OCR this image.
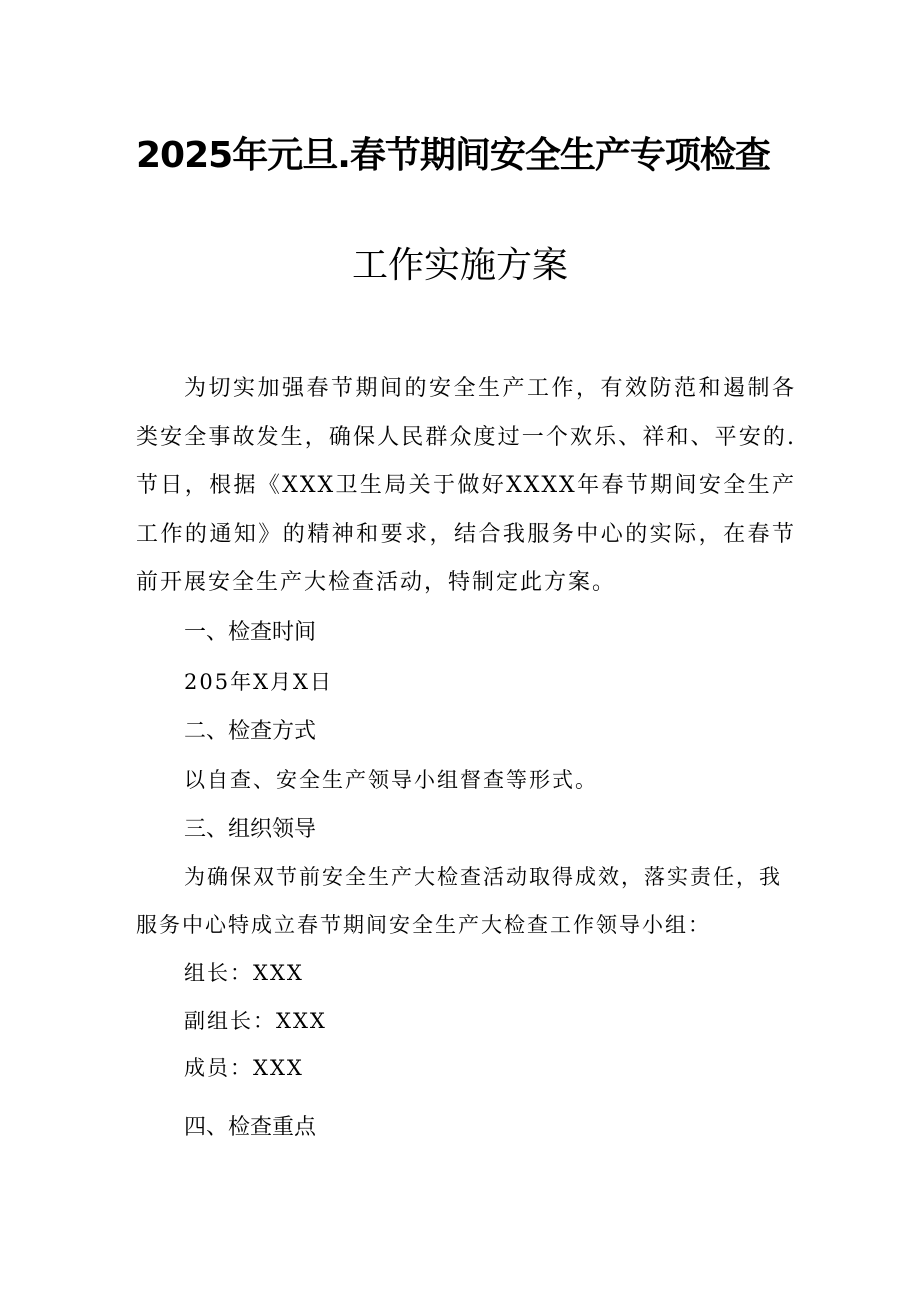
2025年元旦.春节期间安全生产专项检查
工作实施方案
为切实加强春节期间的安全生产工作，有效防范和遏制各类安全事故发生，确保人民群众度过一个欢乐、祥和、平安的.节日，根据《XXX卫生局关于做好XXXX年春节期间安全生产工作的通知》的精神和要求，结合我服务中心的实际，在春节前开展安全生产大检查活动，特制定此方案。
一、检查时间
205年X月X日
二、检查方式
以自查、安全生产领导小组督查等形式。
三、组织领导
为确保双节前安全生产大检查活动取得成效，落实责任，我
服务中心特成立春节期间安全生产大检查工作领导小组：
组长：XXX
副组长：XXX
成员：XXX
四、检查重点
